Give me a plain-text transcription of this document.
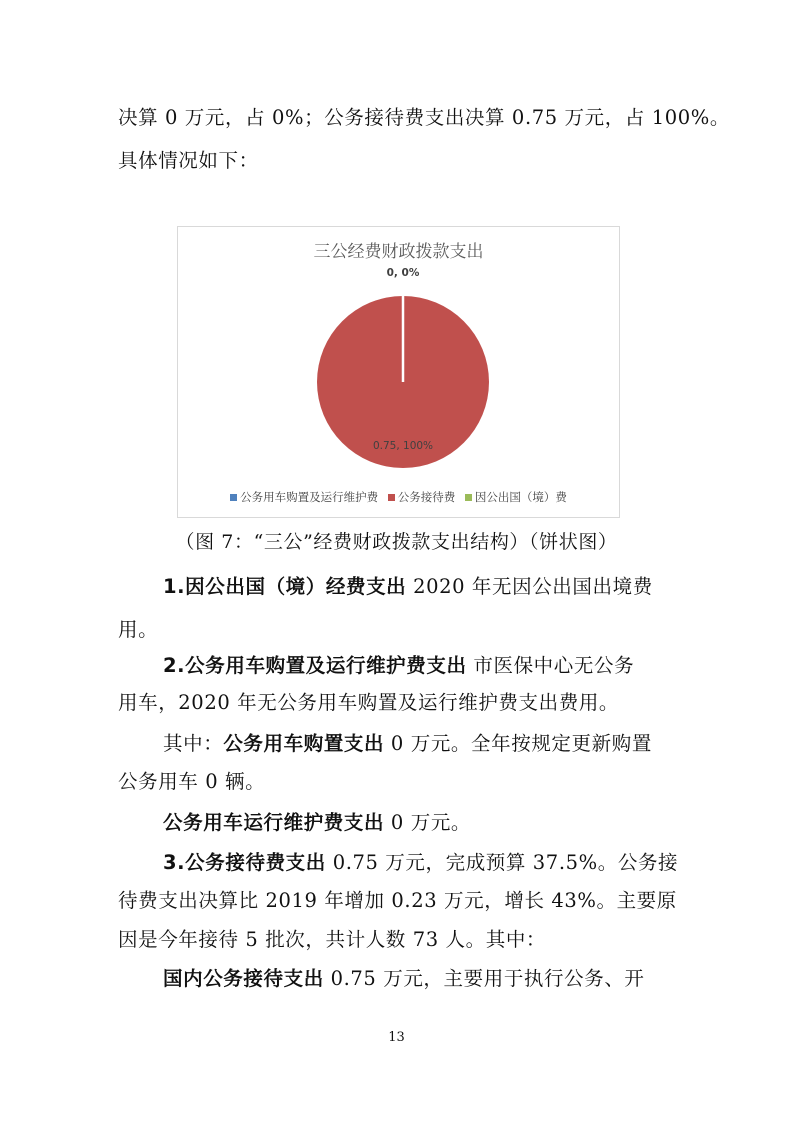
决算 0 万元，占 0%；公务接待费支出决算 0.75 万元，占 100%。
具体情况如下：
三公经费财政拨款支出
0, 0%
0.75, 100%
公务用车购置及运行维护费 公务接待费 因公出国（境）费
（图 7：“三公”经费财政拨款支出结构）（饼状图）
1.因公出国（境）经费支出 2020 年无因公出国出境费
用。
2.公务用车购置及运行维护费支出 市医保中心无公务
用车，2020 年无公务用车购置及运行维护费支出费用。
其中：公务用车购置支出 0 万元。全年按规定更新购置
公务用车 0 辆。
公务用车运行维护费支出 0 万元。
3.公务接待费支出 0.75 万元，完成预算 37.5%。公务接
待费支出决算比 2019 年增加 0.23 万元，增长 43%。主要原
因是今年接待 5 批次，共计人数 73 人。其中：
国内公务接待支出 0.75 万元，主要用于执行公务、开
13
